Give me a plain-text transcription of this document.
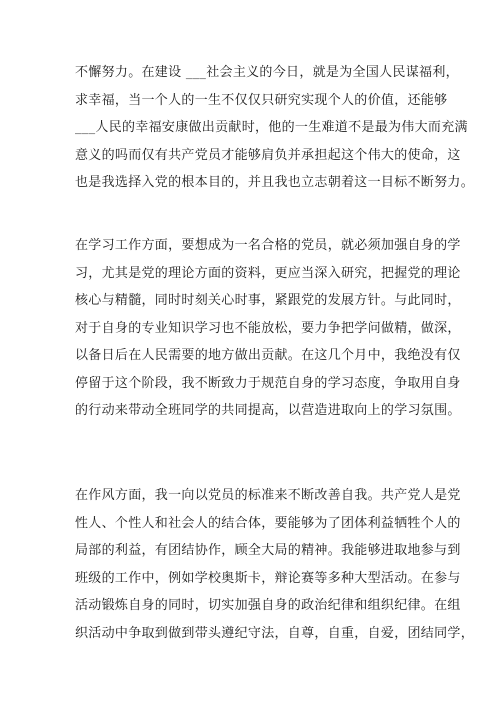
不懈努力。在建设 ___社会主义的今日，就是为全国人民谋福利，
求幸福，当一个人的一生不仅仅只研究实现个人的价值，还能够
___人民的幸福安康做出贡献时，他的一生难道不是最为伟大而充满
意义的吗而仅有共产党员才能够肩负并承担起这个伟大的使命，这
也是我选择入党的根本目的，并且我也立志朝着这一目标不断努力。
在学习工作方面，要想成为一名合格的党员，就必须加强自身的学
习，尤其是党的理论方面的资料，更应当深入研究，把握党的理论
核心与精髓，同时时刻关心时事，紧跟党的发展方针。与此同时，
对于自身的专业知识学习也不能放松，要力争把学问做精，做深，
以备日后在人民需要的地方做出贡献。在这几个月中，我绝没有仅
停留于这个阶段，我不断致力于规范自身的学习态度，争取用自身
的行动来带动全班同学的共同提高，以营造进取向上的学习氛围。
在作风方面，我一向以党员的标准来不断改善自我。共产党人是党
性人、个性人和社会人的结合体，要能够为了团体利益牺牲个人的
局部的利益，有团结协作，顾全大局的精神。我能够进取地参与到
班级的工作中，例如学校奥斯卡，辩论赛等多种大型活动。在参与
活动锻炼自身的同时，切实加强自身的政治纪律和组织纪律。在组
织活动中争取到做到带头遵纪守法，自尊，自重，自爱，团结同学，
